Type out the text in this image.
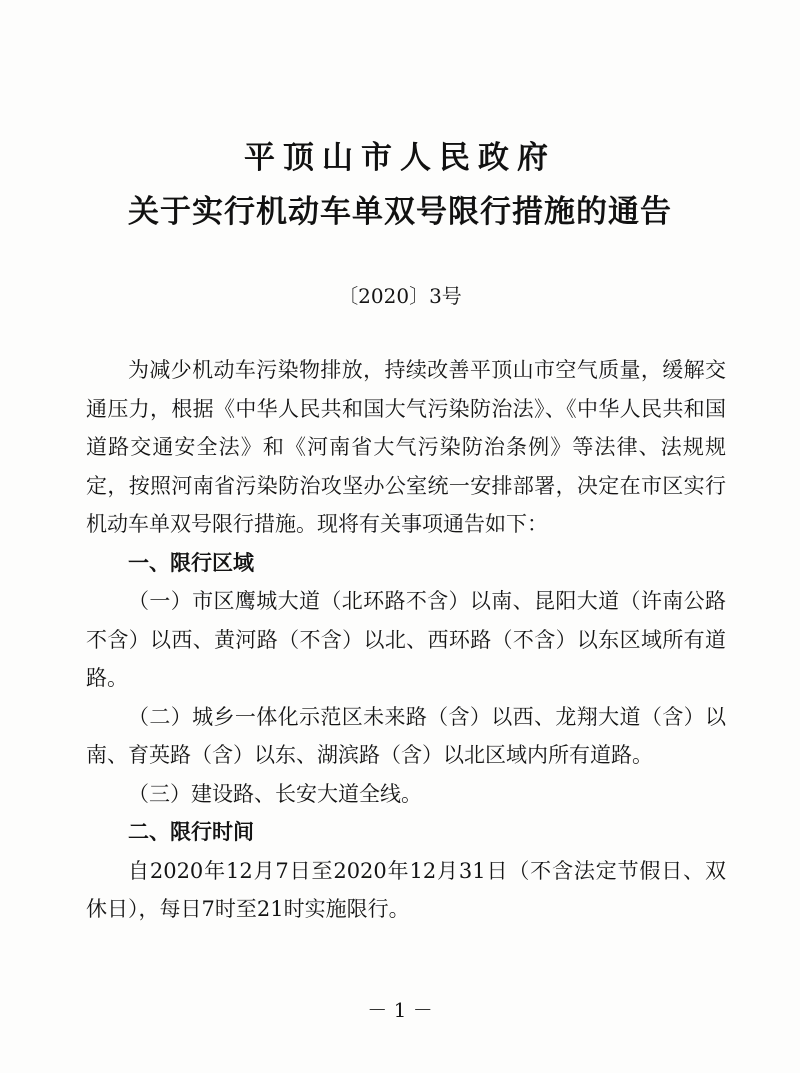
平顶山市人民政府
关于实行机动车单双号限行措施的通告
〔2020〕3号

为减少机动车污染物排放，持续改善平顶山市空气质量，缓解交通压力，根据《中华人民共和国大气污染防治法》、《中华人民共和国道路交通安全法》和《河南省大气污染防治条例》等法律、法规规定，按照河南省污染防治攻坚办公室统一安排部署，决定在市区实行机动车单双号限行措施。现将有关事项通告如下：

一、限行区域

（一）市区鹰城大道（北环路不含）以南、昆阳大道（许南公路不含）以西、黄河路（不含）以北、西环路（不含）以东区域所有道路。

（二）城乡一体化示范区未来路（含）以西、龙翔大道（含）以南、育英路（含）以东、湖滨路（含）以北区域内所有道路。

（三）建设路、长安大道全线。

二、限行时间

自2020年12月7日至2020年12月31日（不含法定节假日、双休日），每日7时至21时实施限行。

－ 1 －
